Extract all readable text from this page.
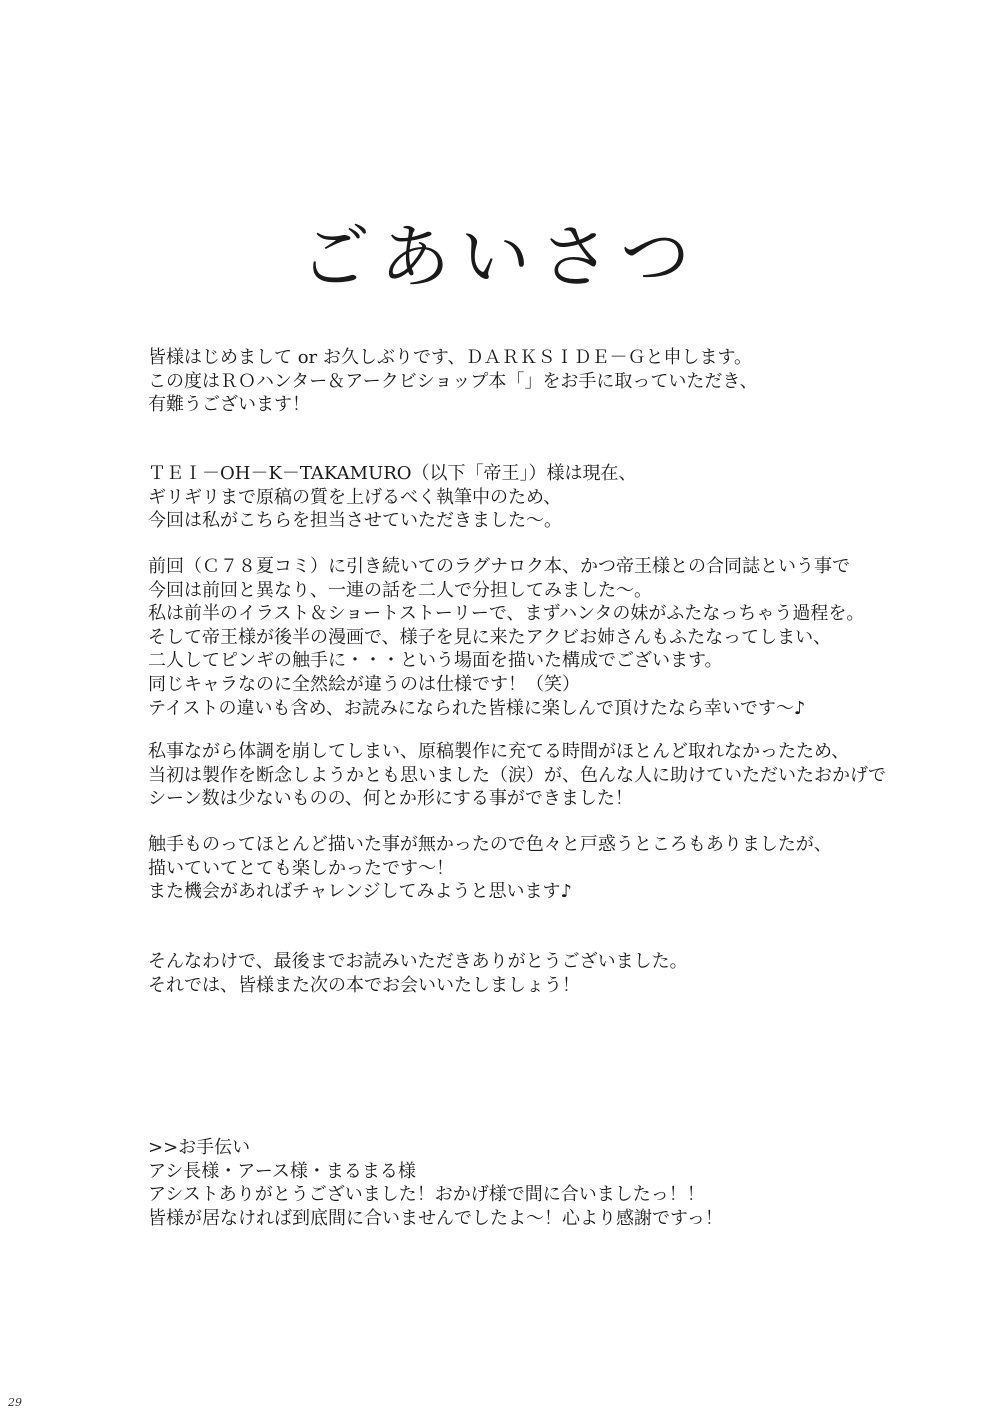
ごあいさつ
皆様はじめまして or お久しぶりです、ＤＡＲＫＳＩＤＥ－Ｇと申します。
この度はＲＯハンター＆アークビショップ本「」をお手に取っていただき、
有難うございます！
ＴＥＩ－OH－K－TAKAMURO（以下「帝王」）様は現在、
ギリギリまで原稿の質を上げるべく執筆中のため、
今回は私がこちらを担当させていただきました～。
前回（Ｃ７８夏コミ）に引き続いてのラグナロク本、かつ帝王様との合同誌という事で
今回は前回と異なり、一連の話を二人で分担してみました～。
私は前半のイラスト＆ショートストーリーで、まずハンタの妹がふたなっちゃう過程を。
そして帝王様が後半の漫画で、様子を見に来たアクビお姉さんもふたなってしまい、
二人してピンギの触手に・・・という場面を描いた構成でございます。
同じキャラなのに全然絵が違うのは仕様です！（笑）
テイストの違いも含め、お読みになられた皆様に楽しんで頂けたなら幸いです～♪
私事ながら体調を崩してしまい、原稿製作に充てる時間がほとんど取れなかったため、
当初は製作を断念しようかとも思いました（涙）が、色んな人に助けていただいたおかげで
シーン数は少ないものの、何とか形にする事ができました！
触手ものってほとんど描いた事が無かったので色々と戸惑うところもありましたが、
描いていてとても楽しかったです～！
また機会があればチャレンジしてみようと思います♪
そんなわけで、最後までお読みいただきありがとうございました。
それでは、皆様また次の本でお会いいたしましょう！
>>お手伝い
アシ長様・アース様・まるまる様
アシストありがとうございました！おかげ様で間に合いましたっ！！
皆様が居なければ到底間に合いませんでしたよ～！心より感謝ですっ！
29
